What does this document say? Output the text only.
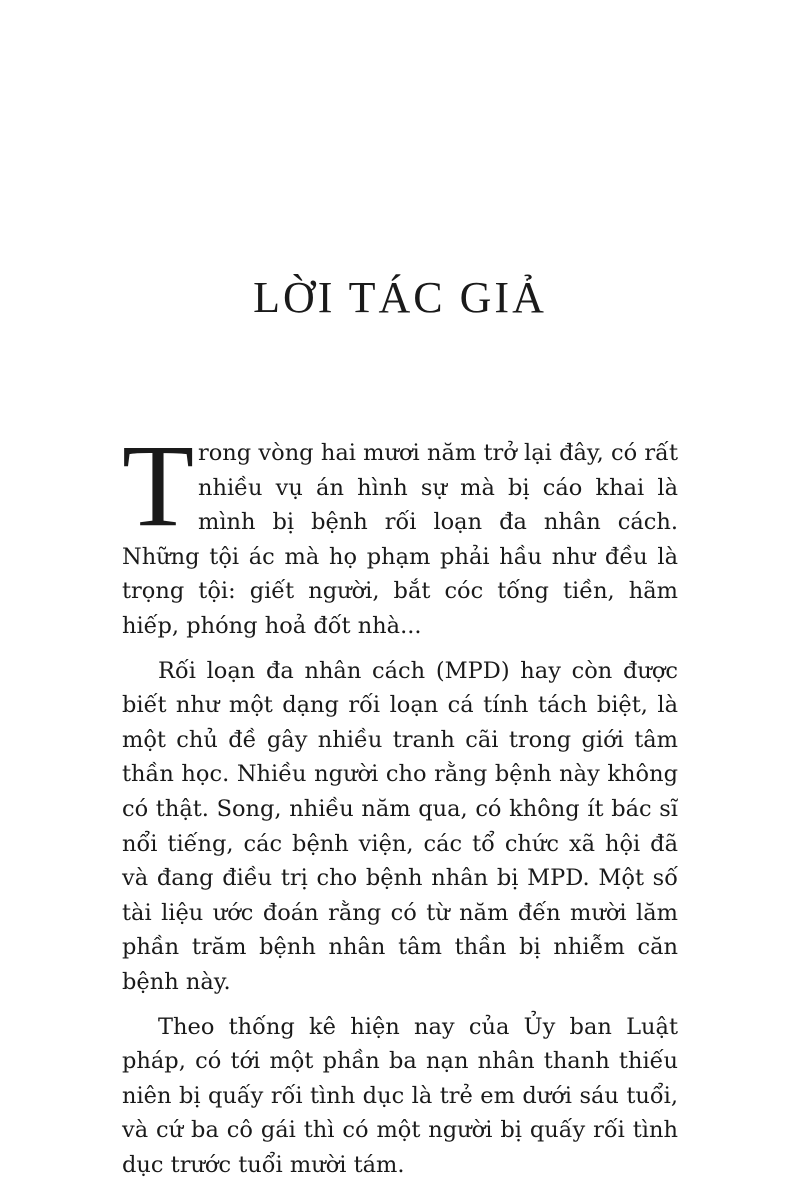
LỜI TÁC GIẢ

Trong vòng hai mươi năm trở lại đây, có rất nhiều vụ án hình sự mà bị cáo khai là mình bị bệnh rối loạn đa nhân cách. Những tội ác mà họ phạm phải hầu như đều là trọng tội: giết người, bắt cóc tống tiền, hãm hiếp, phóng hoả đốt nhà...

Rối loạn đa nhân cách (MPD) hay còn được biết như một dạng rối loạn cá tính tách biệt, là một chủ đề gây nhiều tranh cãi trong giới tâm thần học. Nhiều người cho rằng bệnh này không có thật. Song, nhiều năm qua, có không ít bác sĩ nổi tiếng, các bệnh viện, các tổ chức xã hội đã và đang điều trị cho bệnh nhân bị MPD. Một số tài liệu ước đoán rằng có từ năm đến mười lăm phần trăm bệnh nhân tâm thần bị nhiễm căn bệnh này.

Theo thống kê hiện nay của Ủy ban Luật pháp, có tới một phần ba nạn nhân thanh thiếu niên bị quấy rối tình dục là trẻ em dưới sáu tuổi, và cứ ba cô gái thì có một người bị quấy rối tình dục trước tuổi mười tám.
